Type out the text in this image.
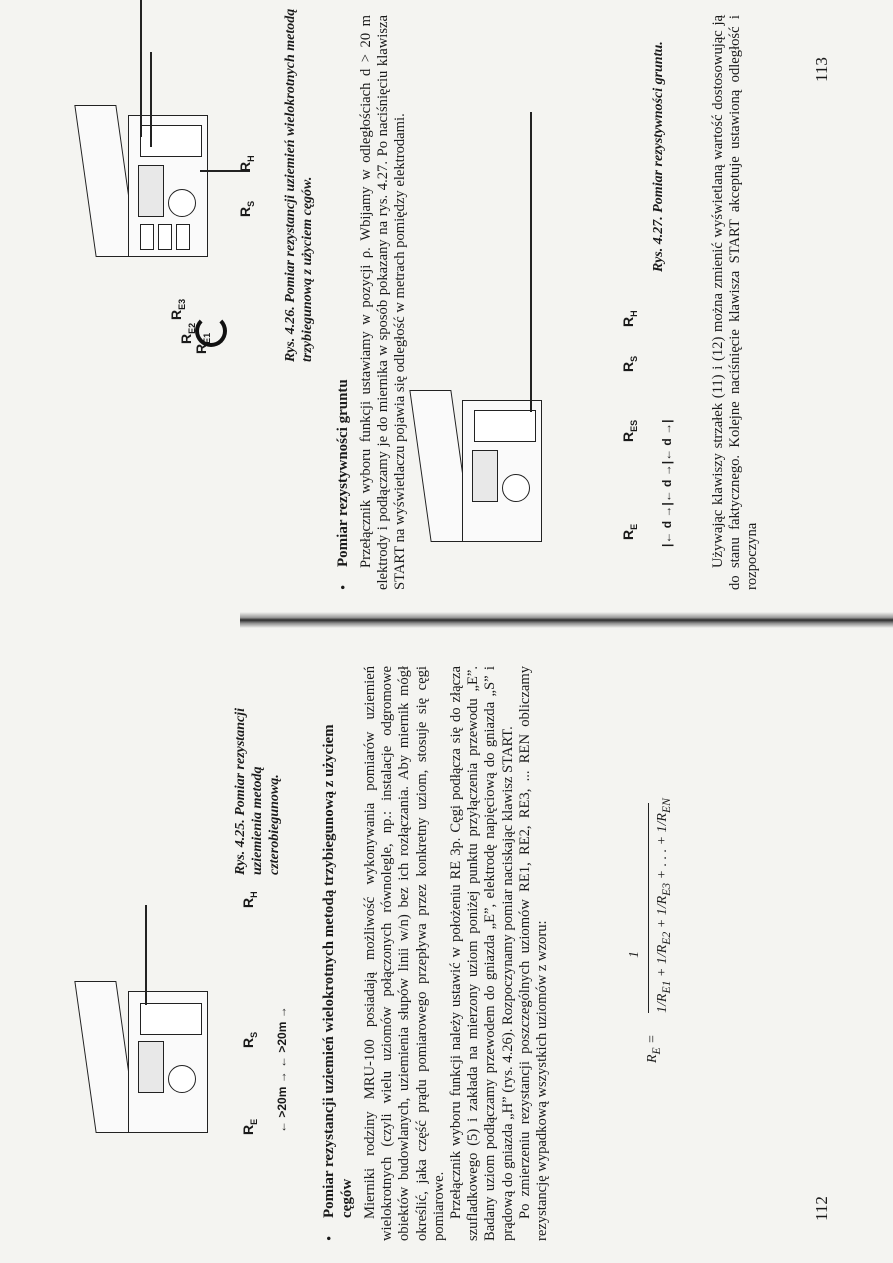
113
$R_{E1}$
$R_{E2}$
$R_{E3}$
$R_S$
$R_H$ Rys. 4.26. Pomiar rezystancji uziemień wielokrotnych metodą trzybiegunową z użyciem cęgów.
•
Pomiar rezystywności gruntu Przełącznik wyboru funkcji ustawiamy w pozycji ρ. Wbijamy w odległościach d > 20 m elektrody i podłączamy je do miernika w sposób pokazany na rys. 4.27. Po naciśnięciu klawisza START na wyświetlaczu pojawia się odległość w metrach pomiędzy elektrodami.	$R_E$
$R_{ES}$
$R_S$
$R_H$
|← d →|← d →|← d →|
Rys. 4.27. Pomiar rezystywności gruntu.	Używając klawiszy strzałek (11) i (12) można zmienić wyświetlaną wartość dostosowując ją do stanu faktycznego. Kolejne naciśnięcie klawisza START akceptuje ustawioną odległość i rozpoczyna

112
$R_E$
$R_S$
$R_H$
← >20m → ← >20m →
Rys. 4.25. Pomiar rezystancji uziemienia metodą czterobiegunową.
•
Pomiar rezystancji uziemień wielokrotnych metodą trzybiegunową z użyciem cęgów Mierniki rodziny MRU-100 posiadają możliwość wykonywania pomiarów uziemień wielokrotnych (czyli wielu uziomów połączonych równolegle, np.: instalacje odgromowe obiektów budowlanych, uziemienia słupów linii w/n) bez ich rozłączania. Aby miernik mógł określić, jaka część prądu pomiarowego przepływa przez konkretny uziom, stosuje się cęgi pomiarowe. Przełącznik wyboru funkcji należy ustawić w położeniu RE 3p. Cęgi podłącza się do złącza szufladkowego (5) i zakłada na mierzony uziom poniżej punktu przyłączenia przewodu „E”. Badany uziom podłączamy przewodem do gniazda „E”, elektrodę napięciową do gniazda „S” i prądową do gniazda „H” (rys. 4.26). Rozpoczynamy pomiar naciskając klawisz START. Po zmierzeniu rezystancji poszczególnych uziomów RE1, RE2, RE3, ... REN obliczamy rezystancję wypadkową wszystkich uziomów z wzoru:	$R_E$ =
1
$1/R_{E1} + 1/R_{E2} + 1/R_{E3}$ + . . . + $1/R_{EN}$
